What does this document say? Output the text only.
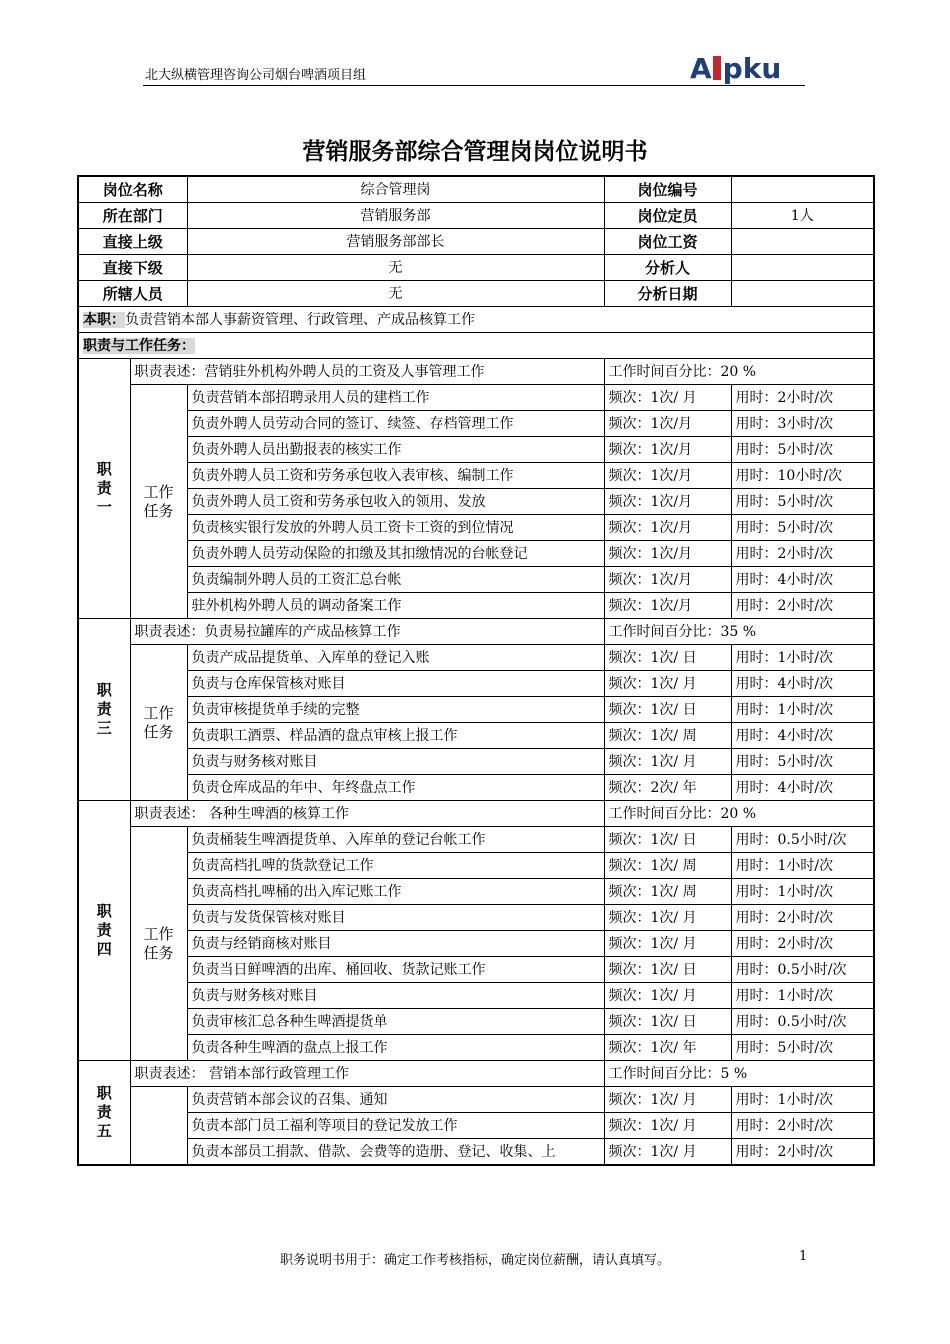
北大纵横管理咨询公司烟台啤酒项目组	A pku
营销服务部综合管理岗岗位说明书
岗位名称		综合管理岗	岗位编号	
所在部门		营销服务部	岗位定员	1人
直接上级		营销服务部部长	岗位工资	
直接下级		无	分析人	
所辖人员		无	分析日期	
本职：负责营销本部人事薪资管理、行政管理、产成品核算工作				
职责与工作任务：				

职
责
一	职责表述：营销驻外机构外聘人员的工资及人事管理工作		工作时间百分比：20 %	
	工作任务	负责营销本部招聘录用人员的建档工作	频次：1次/ 月	用时：2小时/次
		负责外聘人员劳动合同的签订、续签、存档管理工作	频次：1次/月	用时：3小时/次
		负责外聘人员出勤报表的核实工作	频次：1次/月	用时：5小时/次
		负责外聘人员工资和劳务承包收入表审核、编制工作	频次：1次/月	用时：10小时/次
		负责外聘人员工资和劳务承包收入的领用、发放	频次：1次/月	用时：5小时/次
		负责核实银行发放的外聘人员工资卡工资的到位情况	频次：1次/月	用时：5小时/次
		负责外聘人员劳动保险的扣缴及其扣缴情况的台帐登记	频次：1次/月	用时：2小时/次
		负责编制外聘人员的工资汇总台帐	频次：1次/月	用时：4小时/次
		驻外机构外聘人员的调动备案工作	频次：1次/月	用时：2小时/次

职
责
三	职责表述：负责易拉罐库的产成品核算工作		工作时间百分比：35 %	
	工作任务	负责产成品提货单、入库单的登记入账	频次：1次/ 日	用时：1小时/次
		负责与仓库保管核对账目	频次：1次/ 月	用时：4小时/次
		负责审核提货单手续的完整	频次：1次/ 日	用时：1小时/次
		负责职工酒票、样品酒的盘点审核上报工作	频次：1次/ 周	用时：4小时/次
		负责与财务核对账目	频次：1次/ 月	用时：5小时/次
		负责仓库成品的年中、年终盘点工作	频次：2次/ 年	用时：4小时/次

职
责
四	职责表述： 各种生啤酒的核算工作		工作时间百分比：20 %	
	工作任务	负责桶装生啤酒提货单、入库单的登记台帐工作	频次：1次/ 日	用时：0.5小时/次
		负责高档扎啤的货款登记工作	频次：1次/ 周	用时：1小时/次
		负责高档扎啤桶的出入库记账工作	频次：1次/ 周	用时：1小时/次
		负责与发货保管核对账目	频次：1次/ 月	用时：2小时/次
		负责与经销商核对账目	频次：1次/ 月	用时：2小时/次
		负责当日鲜啤酒的出库、桶回收、货款记账工作	频次：1次/ 日	用时：0.5小时/次
		负责与财务核对账目	频次：1次/ 月	用时：1小时/次
		负责审核汇总各种生啤酒提货单	频次：1次/ 日	用时：0.5小时/次
		负责各种生啤酒的盘点上报工作	频次：1次/ 年	用时：5小时/次

职
责
五	职责表述： 营销本部行政管理工作		工作时间百分比：5 %	
		负责营销本部会议的召集、通知	频次：1次/ 月	用时：1小时/次
		负责本部门员工福利等项目的登记发放工作	频次：1次/ 月	用时：2小时/次
		负责本部员工捐款、借款、会费等的造册、登记、收集、上	频次：1次/ 月	用时：2小时/次
职务说明书用于：确定工作考核指标，确定岗位薪酬，请认真填写。	1
